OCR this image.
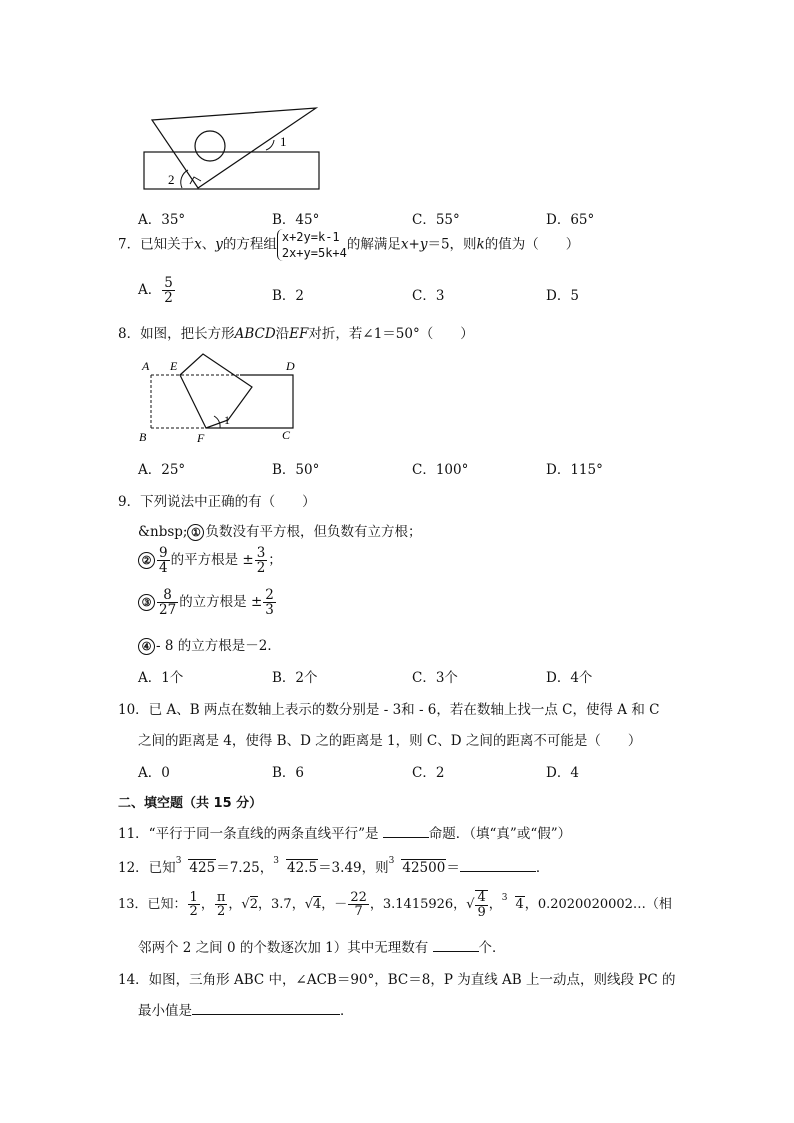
1
2
A．35°	B．45°	C．55°	D．65°
7．已知关于x、y的方程组 x+2y=k-1
2x+y=5k+4
的解满足x+y＝5，则k的值为（　　）
A． $\frac{5}{2}$	B．2	C．3	D．5
8．如图，把长方形ABCD沿EF对折，若∠1＝50°（　　）
A E	D
B	F	C
1
A．25°	B．50°	C．100°	D．115°
9．下列说法中正确的有（　　）
&nbsp; ① 负数没有平方根，但负数有立方根；
② $\frac{9}{4}$ 的平方根是 ± $\frac{3}{2}$ ；
③ $\frac{8}{27}$ 的立方根是 ± $\frac{2}{3}$
④ - 8 的立方根是－2．
A．1个	B．2个	C．3个	D．4个
10．已 A、B 两点在数轴上表示的数分别是 - 3和 - 6，若在数轴上找一点 C，使得 A 和 C
之间的距离是 4，使得 B、D 之的距离是 1，则 C、D 之间的距离不可能是（　　）
A．0	B．6	C．2	D．4
二、填空题（共 15 分）
11．“平行于同一条直线的两条直线平行”是	命题．（填“真”或“假”）
12．已知$^3$ 425＝7.25，$^3$ 42.5＝3.49，则$^3$ 42500＝	．
13．已知： $\frac{1}{2}$ ， $\frac{\pi}{2}$ ，√2，3.7̇，√4，－ $\frac{22}{7}$ ，3.1415926，√ $\frac{4}{9}$ ，$^3$ 4，0.2020020002…（相
邻两个 2 之间 0 的个数逐次加 1）其中无理数有	个．
14．如图，三角形 ABC 中，∠ACB＝90°，BC＝8，P 为直线 AB 上一动点，则线段 PC 的
最小值是	．
